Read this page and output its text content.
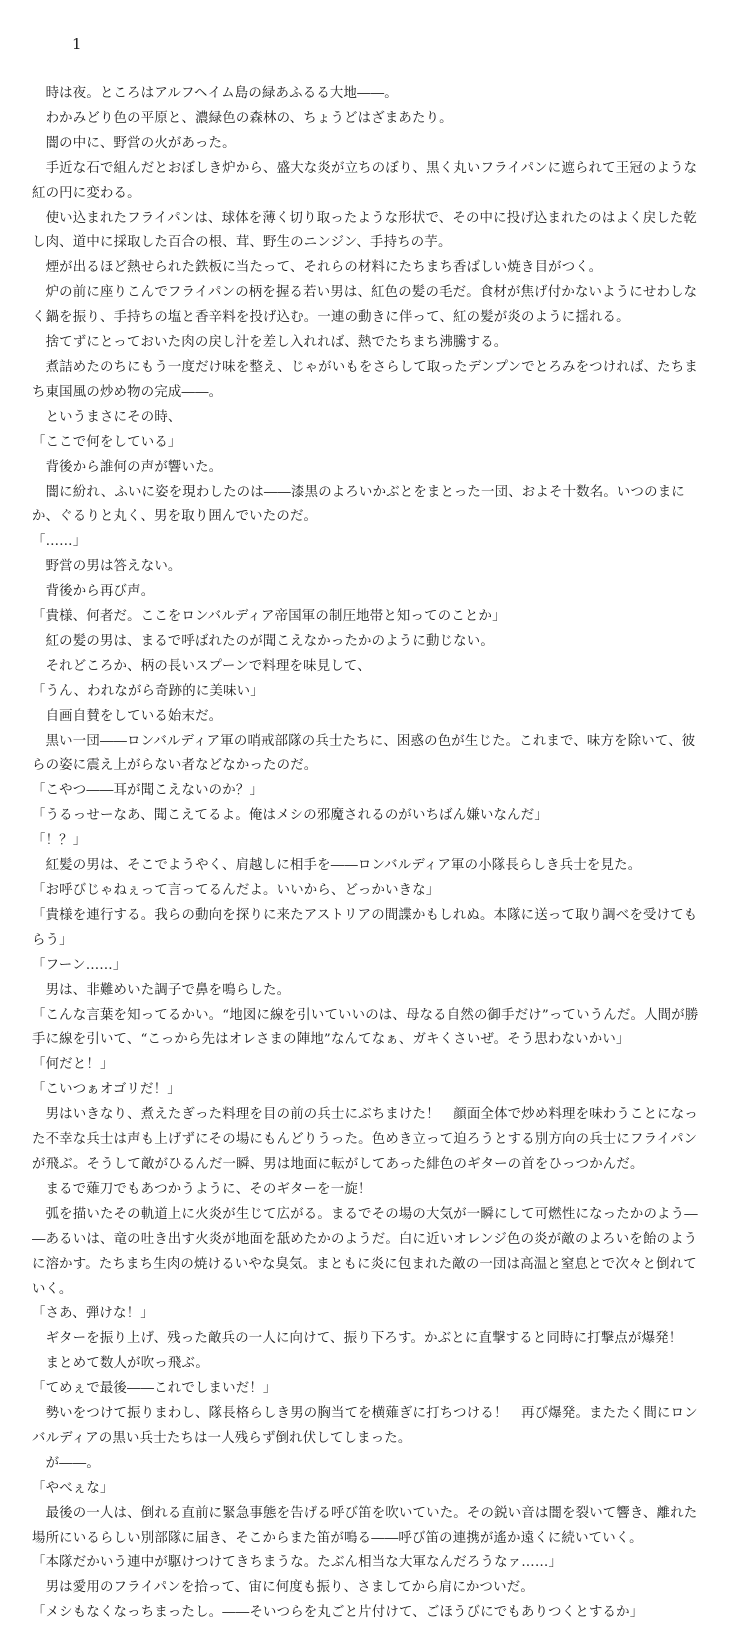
1

　時は夜。ところはアルフヘイム島の緑あふるる大地――。

　わかみどり色の平原と、濃緑色の森林の、ちょうどはざまあたり。

　闇の中に、野営の火があった。

　手近な石で組んだとおぼしき炉から、盛大な炎が立ちのぼり、黒く丸いフライパンに遮られて王冠のような紅の円に変わる。

　使い込まれたフライパンは、球体を薄く切り取ったような形状で、その中に投げ込まれたのはよく戻した乾し肉、道中に採取した百合の根、茸、野生のニンジン、手持ちの芋。

　煙が出るほど熱せられた鉄板に当たって、それらの材料にたちまち香ばしい焼き目がつく。

　炉の前に座りこんでフライパンの柄を握る若い男は、紅色の髪の毛だ。食材が焦げ付かないようにせわしなく鍋を振り、手持ちの塩と香辛料を投げ込む。一連の動きに伴って、紅の髪が炎のように揺れる。

　捨てずにとっておいた肉の戻し汁を差し入れれば、熱でたちまち沸騰する。

　煮詰めたのちにもう一度だけ味を整え、じゃがいもをさらして取ったデンプンでとろみをつければ、たちまち東国風の炒め物の完成――。

　というまさにその時、

「ここで何をしている」

　背後から誰何の声が響いた。

　闇に紛れ、ふいに姿を現わしたのは――漆黒のよろいかぶとをまとった一団、およそ十数名。いつのまにか、ぐるりと丸く、男を取り囲んでいたのだ。

「……」

　野営の男は答えない。

　背後から再び声。

「貴様、何者だ。ここをロンバルディア帝国軍の制圧地帯と知ってのことか」

　紅の髪の男は、まるで呼ばれたのが聞こえなかったかのように動じない。

　それどころか、柄の長いスプーンで料理を味見して、

「うん、われながら奇跡的に美味い」

　自画自賛をしている始末だ。

　黒い一団――ロンバルディア軍の哨戒部隊の兵士たちに、困惑の色が生じた。これまで、味方を除いて、彼らの姿に震え上がらない者などなかったのだ。

「こやつ――耳が聞こえないのか？」

「うるっせーなあ、聞こえてるよ。俺はメシの邪魔されるのがいちばん嫌いなんだ」

「！？」

　紅髪の男は、そこでようやく、肩越しに相手を――ロンバルディア軍の小隊長らしき兵士を見た。

「お呼びじゃねぇって言ってるんだよ。いいから、どっかいきな」

「貴様を連行する。我らの動向を探りに来たアストリアの間諜かもしれぬ。本隊に送って取り調べを受けてもらう」

「フーン……」

　男は、非難めいた調子で鼻を鳴らした。

「こんな言葉を知ってるかい。“地図に線を引いていいのは、母なる自然の御手だけ”っていうんだ。人間が勝手に線を引いて、“こっから先はオレさまの陣地”なんてなぁ、ガキくさいぜ。そう思わないかい」

「何だと！」

「こいつぁオゴリだ！」

　男はいきなり、煮えたぎった料理を目の前の兵士にぶちまけた！　顔面全体で炒め料理を味わうことになった不幸な兵士は声も上げずにその場にもんどりうった。色めき立って迫ろうとする別方向の兵士にフライパンが飛ぶ。そうして敵がひるんだ一瞬、男は地面に転がしてあった緋色のギターの首をひっつかんだ。

　まるで薙刀でもあつかうように、そのギターを一旋！

　弧を描いたその軌道上に火炎が生じて広がる。まるでその場の大気が一瞬にして可燃性になったかのよう――あるいは、竜の吐き出す火炎が地面を舐めたかのようだ。白に近いオレンジ色の炎が敵のよろいを飴のように溶かす。たちまち生肉の焼けるいやな臭気。まともに炎に包まれた敵の一団は高温と窒息とで次々と倒れていく。

「さあ、弾けな！」

　ギターを振り上げ、残った敵兵の一人に向けて、振り下ろす。かぶとに直撃すると同時に打撃点が爆発！

　まとめて数人が吹っ飛ぶ。

「てめぇで最後――これでしまいだ！」

　勢いをつけて振りまわし、隊長格らしき男の胸当てを横薙ぎに打ちつける！　再び爆発。またたく間にロンバルディアの黒い兵士たちは一人残らず倒れ伏してしまった。

　が――。

「やべぇな」

　最後の一人は、倒れる直前に緊急事態を告げる呼び笛を吹いていた。その鋭い音は闇を裂いて響き、離れた場所にいるらしい別部隊に届き、そこからまた笛が鳴る――呼び笛の連携が遙か遠くに続いていく。

「本隊だかいう連中が駆けつけてきちまうな。たぶん相当な大軍なんだろうなァ……」

　男は愛用のフライパンを拾って、宙に何度も振り、さましてから肩にかついだ。

「メシもなくなっちまったし。――そいつらを丸ごと片付けて、ごほうびにでもありつくとするか」
